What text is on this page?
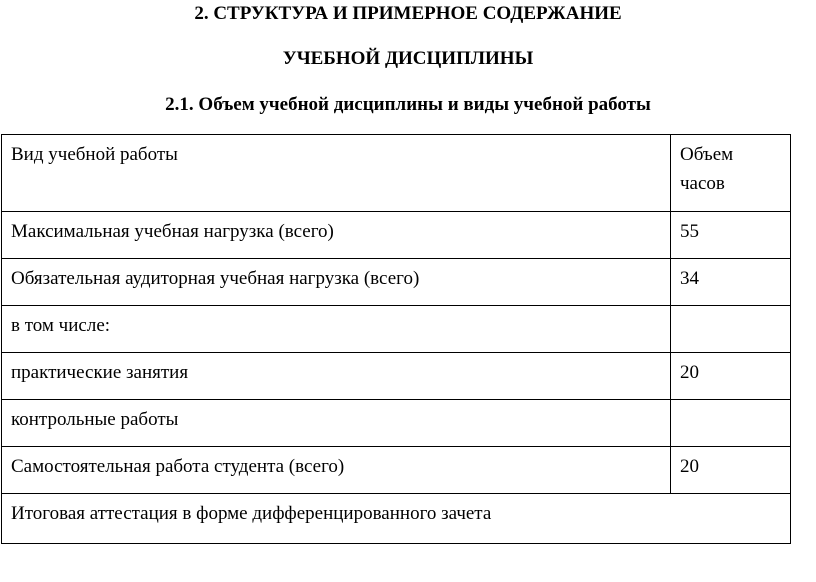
2. СТРУКТУРА И ПРИМЕРНОЕ СОДЕРЖАНИЕ
УЧЕБНОЙ ДИСЦИПЛИНЫ
2.1. Объем учебной дисциплины и виды учебной работы
Вид учебной работы	Объем часов
Максимальная учебная нагрузка (всего)	55
Обязательная аудиторная учебная нагрузка (всего)	34
в том числе:	
практические занятия	20
контрольные работы	
Самостоятельная работа студента (всего)	20
Итоговая аттестация в форме дифференцированного зачета	
